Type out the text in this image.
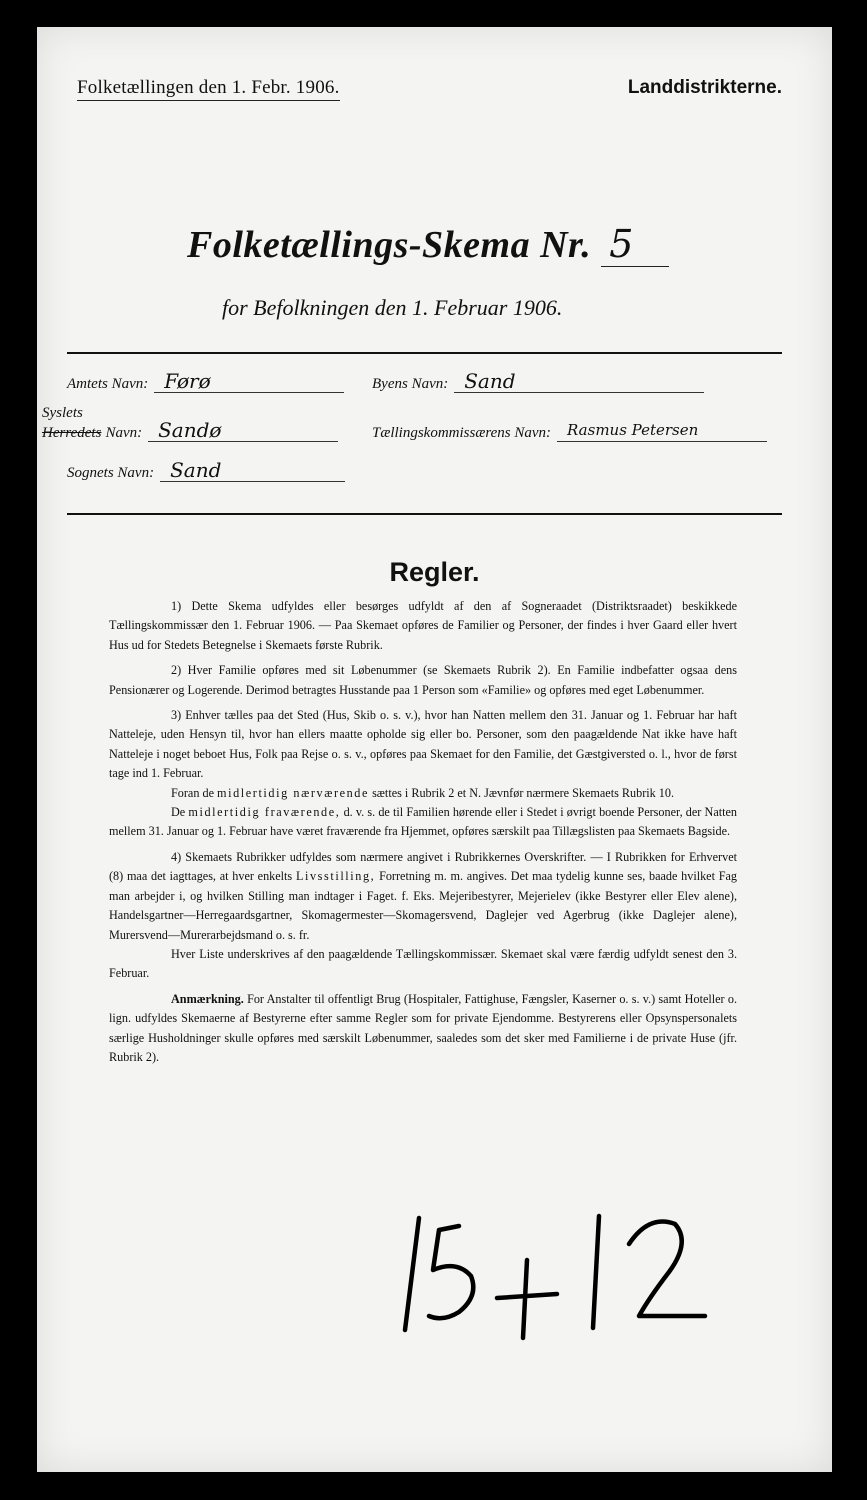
Folketællingen den 1. Febr. 1906.	Landdistrikterne.
Folketællings-Skema Nr. 5
for Befolkningen den 1. Februar 1906.
Amtets Navn: Førø	Byens Navn: Sand
Syslets
Herredets Navn: Sandø	Tællingskommissærens Navn:	Rasmus Petersen
Sognets Navn: Sand
Regler.

1) Dette Skema udfyldes eller besørges udfyldt af den af Sogneraadet (Distriktsraadet) beskikkede Tællingskommissær den 1. Februar 1906. — Paa Skemaet opføres de Familier og Personer, der findes i hver Gaard eller hvert Hus ud for Stedets Betegnelse i Skemaets første Rubrik.

2) Hver Familie opføres med sit Løbenummer (se Skemaets Rubrik 2). En Familie indbefatter ogsaa dens Pensionærer og Logerende. Derimod betragtes Husstande paa 1 Person som «Familie» og opføres med eget Løbenummer.

3) Enhver tælles paa det Sted (Hus, Skib o. s. v.), hvor han Natten mellem den 31. Januar og 1. Februar har haft Natteleje, uden Hensyn til, hvor han ellers maatte opholde sig eller bo. Personer, som den paagældende Nat ikke have haft Natteleje i noget beboet Hus, Folk paa Rejse o. s. v., opføres paa Skemaet for den Familie, det Gæstgiversted o. l., hvor de først tage ind 1. Februar.

Foran de midlertidig nærværende sættes i Rubrik 2 et N. Jævnfør nærmere Skemaets Rubrik 10.

De midlertidig fraværende, d. v. s. de til Familien hørende eller i Stedet i øvrigt boende Personer, der Natten mellem 31. Januar og 1. Februar have været fraværende fra Hjemmet, opføres særskilt paa Tillægslisten paa Skemaets Bagside.

4) Skemaets Rubrikker udfyldes som nærmere angivet i Rubrikkernes Overskrifter. — I Rubrikken for Erhvervet (8) maa det iagttages, at hver enkelts Livsstilling, Forretning m. m. angives. Det maa tydelig kunne ses, baade hvilket Fag man arbejder i, og hvilken Stilling man indtager i Faget. f. Eks. Mejeribestyrer, Mejerielev (ikke Bestyrer eller Elev alene), Handelsgartner—Herregaardsgartner, Skomagermester—Skomagersvend, Daglejer ved Agerbrug (ikke Daglejer alene), Murersvend—Murerarbejdsmand o. s. fr.

Hver Liste underskrives af den paagældende Tællingskommissær. Skemaet skal være færdig udfyldt senest den 3. Februar.

Anmærkning. For Anstalter til offentligt Brug (Hospitaler, Fattighuse, Fængsler, Kaserner o. s. v.) samt Hoteller o. lign. udfyldes Skemaerne af Bestyrerne efter samme Regler som for private Ejendomme. Bestyrerens eller Opsynspersonalets særlige Husholdninger skulle opføres med særskilt Løbenummer, saaledes som det sker med Familierne i de private Huse (jfr. Rubrik 2).
